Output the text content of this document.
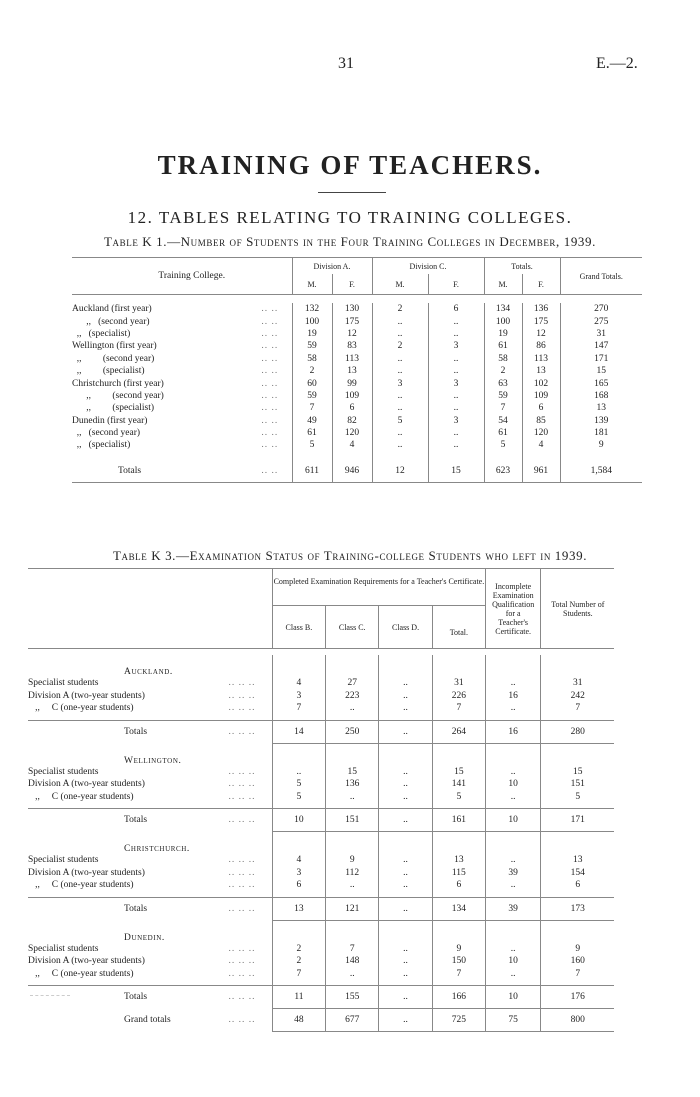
31	E.—2.
TRAINING OF TEACHERS.
12. TABLES RELATING TO TRAINING COLLEGES.
Table K 1.—Number of Students in the Four Training Colleges in December, 1939.
Training College.		Division A.		Division C.		Totals.		Grand Totals.
		M.	F.	M.	F.	M.	F.	

Auckland (first year)	.. ..	132	130	2	6	134	136	270
,,   (second year)	.. ..	100	175	..	..	100	175	275
,,   (specialist)	.. ..	19	12	..	..	19	12	31
Wellington (first year)	.. ..	59	83	2	3	61	86	147
,,         (second year)	.. ..	58	113	..	..	58	113	171
,,         (specialist)	.. ..	2	13	..	..	2	13	15
Christchurch (first year)	.. ..	60	99	3	3	63	102	165
,,         (second year)	.. ..	59	109	..	..	59	109	168
,,         (specialist)	.. ..	7	6	..	..	7	6	13
Dunedin (first year)	.. ..	49	82	5	3	54	85	139
,,   (second year)	.. ..	61	120	..	..	61	120	181
,,   (specialist)	.. ..	5	4	..	..	5	4	9
Totals	.. ..	611	946	12	15	623	961	1,584

Table K 3.—Examination Status of Training-college Students who left in 1939.
		Completed Examination Requirements for a Teacher's Certificate.				Incomplete Examination Qualification for a Teacher's Certificate.	Total Number of Students.
		Class B.	Class C.	Class D.	Total.		

Auckland.							
Specialist students	.. .. ..	4	27	..	31	..	31
Division A (two-year students)	.. .. ..	3	223	..	226	16	242
,,     C (one-year students)	.. .. ..	7	..	..	7	..	7

Totals	.. .. ..	14	250	..	264	16	280
Wellington.							
Specialist students	.. .. ..	..	15	..	15	..	15
Division A (two-year students)	.. .. ..	5	136	..	141	10	151
,,     C (one-year students)	.. .. ..	5	..	..	5	..	5

Totals	.. .. ..	10	151	..	161	10	171
Christchurch.							
Specialist students	.. .. ..	4	9	..	13	..	13
Division A (two-year students)	.. .. ..	3	112	..	115	39	154
,,     C (one-year students)	.. .. ..	6	..	..	6	..	6

Totals	.. .. ..	13	121	..	134	39	173
Dunedin.							
Specialist students	.. .. ..	2	7	..	9	..	9
Division A (two-year students)	.. .. ..	2	148	..	150	10	160
,,     C (one-year students)	.. .. ..	7	..	..	7	..	7

Totals	.. .. ..	11	155	..	166	10	176
Grand totals	.. .. ..	48	677	..	725	75	800
